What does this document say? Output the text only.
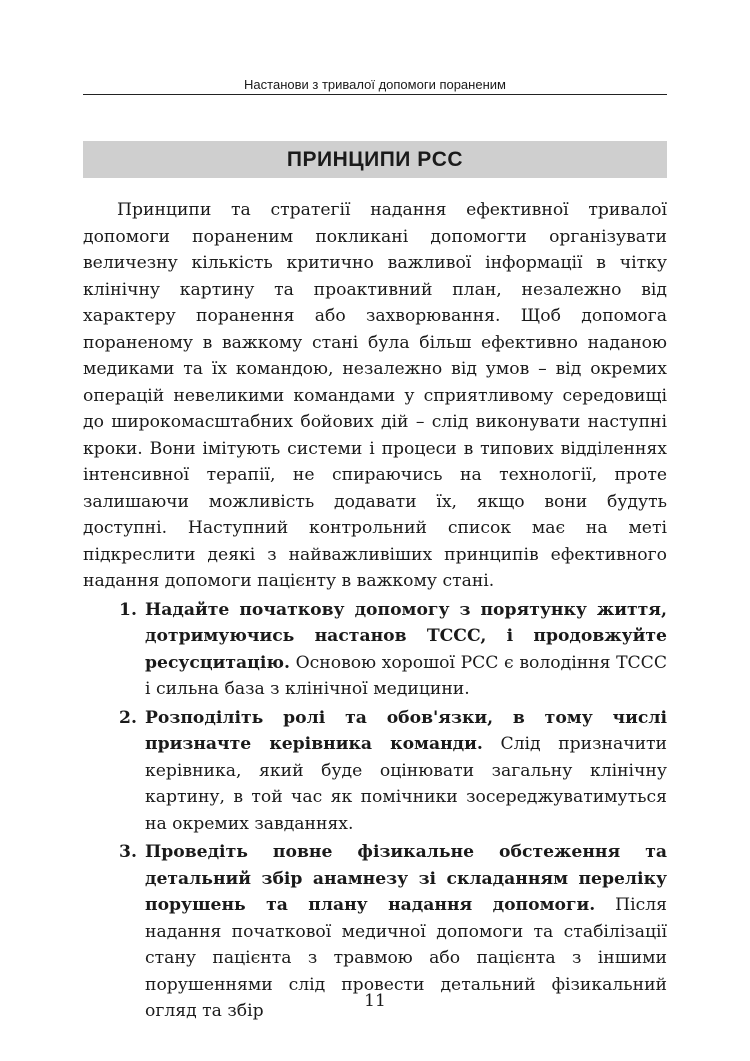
Настанови з тривалої допомоги пораненим
ПРИНЦИПИ PCC

Принципи та стратегії надання ефективної тривалої допомоги пораненим покликані допомогти організувати величезну кількість критично важливої інформації в чітку клінічну картину та проактивний план, незалежно від характеру поранення або захворювання. Щоб допомога пораненому в важкому стані була більш ефективно наданою медиками та їх командою, незалежно від умов – від окремих операцій невеликими командами у сприятливому середовищі до широкомасштабних бойових дій – слід виконувати наступні кроки. Вони імітують системи і процеси в типових відділеннях інтенсивної терапії, не спираючись на технології, проте залишаючи можливість додавати їх, якщо вони будуть доступні. Наступний контрольний список має на меті підкреслити деякі з найважливіших принципів ефективного надання допомоги пацієнту в важкому стані.

1. Надайте початкову допомогу з порятунку життя, дотримуючись настанов TCCC, і продовжуйте ресусцитацію. Основою хорошої PCC є володіння TCCC і сильна база з клінічної медицини.
2. Розподіліть ролі та обов'язки, в тому числі призначте керівника команди. Слід призначити керівника, який буде оцінювати загальну клінічну картину, в той час як помічники зосереджуватимуться на окремих завданнях.
3. Проведіть повне фізикальне обстеження та детальний збір анамнезу зі складанням переліку порушень та плану надання допомоги. Після надання початкової медичної допомоги та стабілізації стану пацієнта з травмою або пацієнта з іншими порушеннями слід провести детальний фізикальний огляд та збір	11
